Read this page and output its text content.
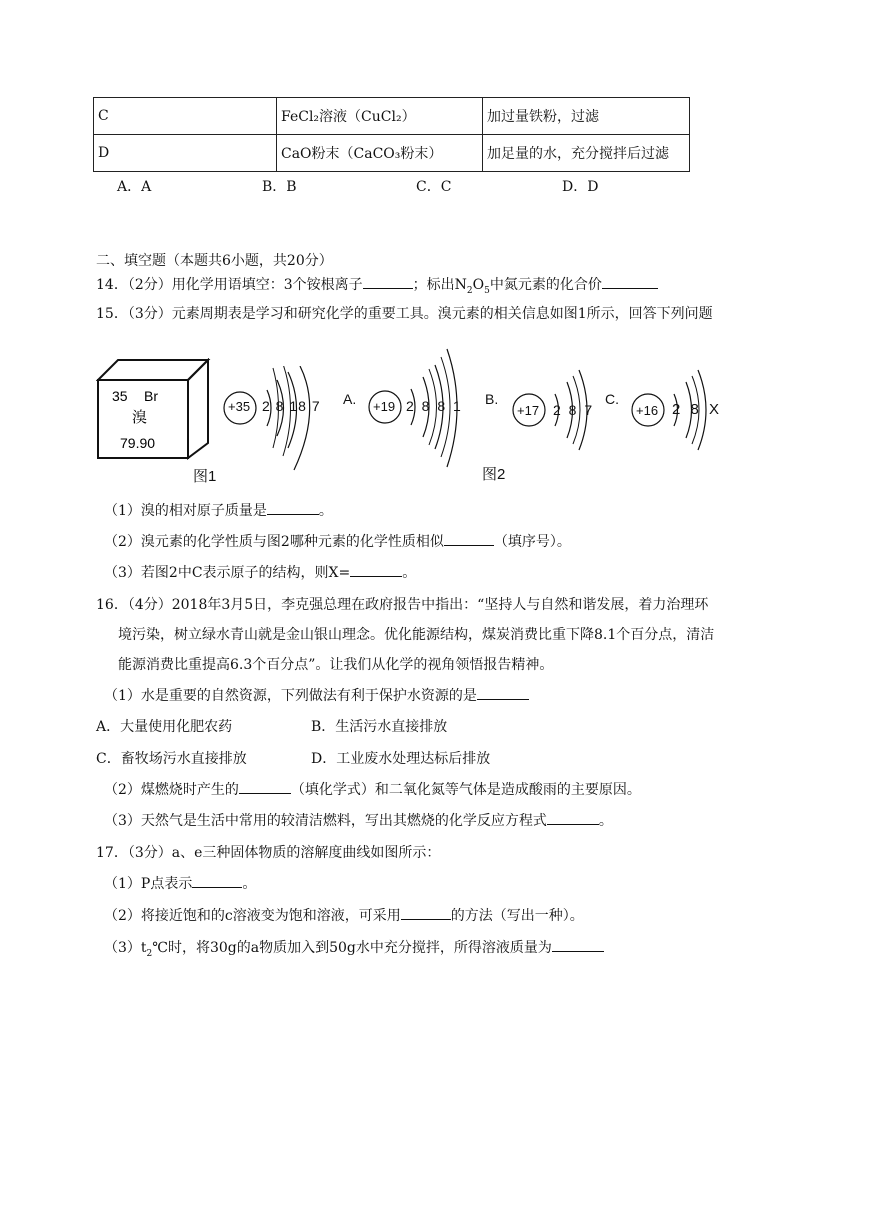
C	FeCl₂溶液（CuCl₂）	加过量铁粉，过滤
D	CaO粉末（CaCO₃粉末）	加足量的水，充分搅拌后过滤
A．A	B．B	C．C	D．D
二、填空题（本题共6小题，共20分）
14．（2分）用化学用语填空：3个铵根离子	；标出$N_2O_5$中氮元素的化合价
15．（3分）元素周期表是学习和研究化学的重要工具。溴元素的相关信息如图1所示，回答下列问题
35 Br
溴
79.90
图1
+35 2 8 18 7 A. +19 2 8 8 1 B.
+17 2 8 7
图2
C.
+16 2 8 X
（1）溴的相对原子质量是	。
（2）溴元素的化学性质与图2哪种元素的化学性质相似	（填序号）。
（3）若图2中C表示原子的结构，则X=	。
16．（4分）2018年3月5日，李克强总理在政府报告中指出：“坚持人与自然和谐发展，着力治理环
境污染，树立绿水青山就是金山银山理念。优化能源结构，煤炭消费比重下降8.1个百分点，清洁
能源消费比重提高6.3个百分点”。让我们从化学的视角领悟报告精神。
（1）水是重要的自然资源，下列做法有利于保护水资源的是
A．大量使用化肥农药	B．生活污水直接排放
C．畜牧场污水直接排放	D．工业废水处理达标后排放
（2）煤燃烧时产生的	（填化学式）和二氧化氮等气体是造成酸雨的主要原因。
（3）天然气是生活中常用的较清洁燃料，写出其燃烧的化学反应方程式	。
17．（3分）a、e三种固体物质的溶解度曲线如图所示：
（1）P点表示	。
（2）将接近饱和的c溶液变为饱和溶液，可采用	的方法（写出一种）。
$(3)t_2℃$时，将30g的a物质加入到50g水中充分搅拌，所得溶液质量为
